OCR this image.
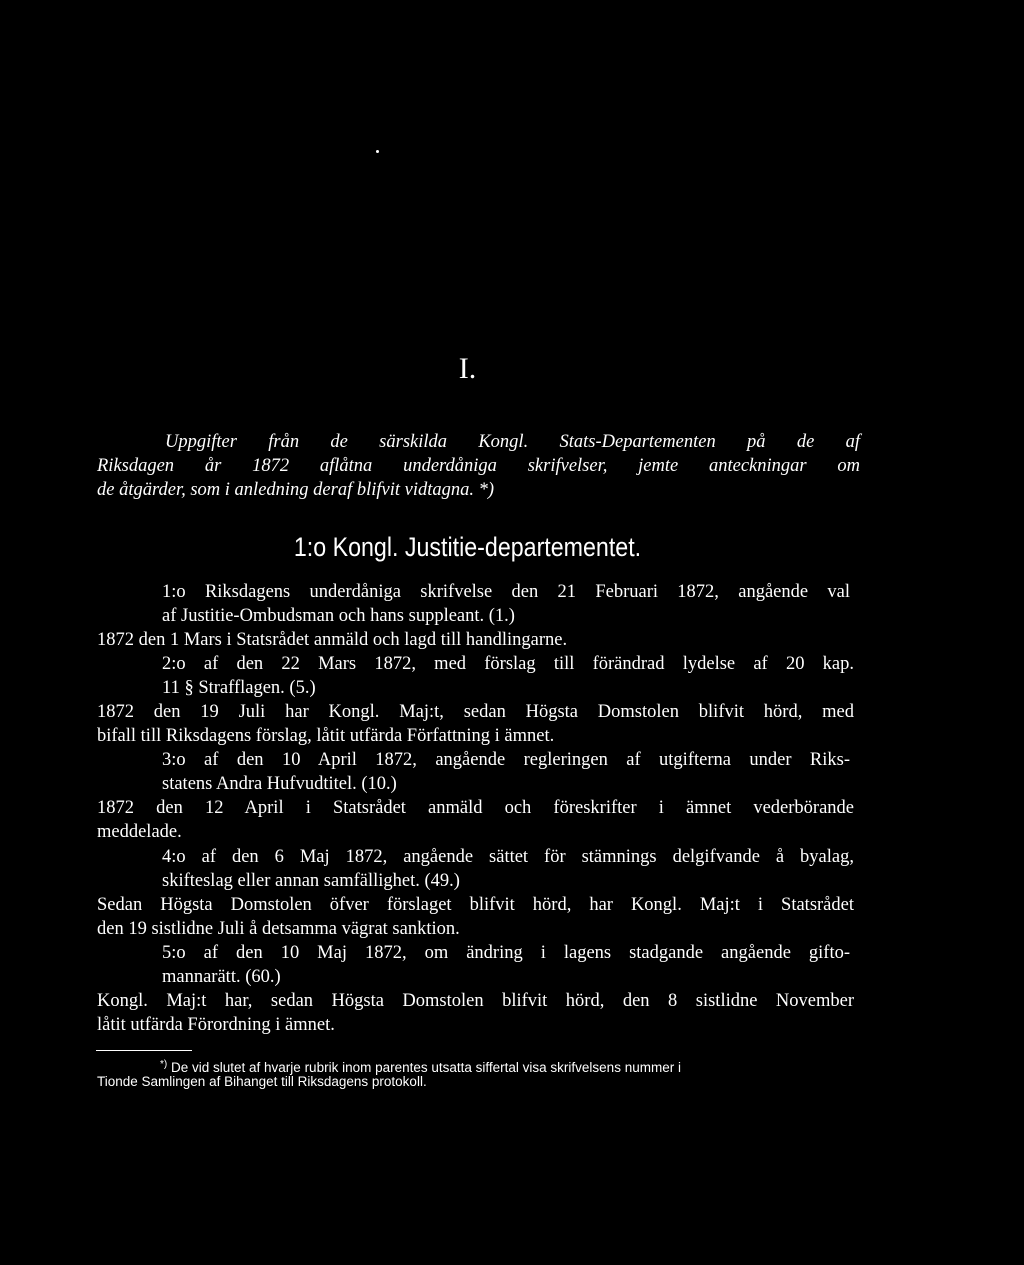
I.
Uppgifter från de särskilda Kongl. Stats-Departementen på de af
Riksdagen år 1872 aflåtna underdåniga skrifvelser, jemte anteckningar om
de åtgärder, som i anledning deraf blifvit vidtagna. *)
1:o Kongl. Justitie-departementet.
1:o Riksdagens underdåniga skrifvelse den 21 Februari 1872, angående val
af Justitie-Ombudsman och hans suppleant. (1.)
1872 den 1 Mars i Statsrådet anmäld och lagd till handlingarne.
2:o af den 22 Mars 1872, med förslag till förändrad lydelse af 20 kap.
11 § Strafflagen. (5.)
1872 den 19 Juli har Kongl. Maj:t, sedan Högsta Domstolen blifvit hörd, med
bifall till Riksdagens förslag, låtit utfärda Författning i ämnet.
3:o af den 10 April 1872, angående regleringen af utgifterna under Riks-
statens Andra Hufvudtitel. (10.)
1872 den 12 April i Statsrådet anmäld och föreskrifter i ämnet vederbörande
meddelade.
4:o af den 6 Maj 1872, angående sättet för stämnings delgifvande å byalag,
skifteslag eller annan samfällighet. (49.)
Sedan Högsta Domstolen öfver förslaget blifvit hörd, har Kongl. Maj:t i Statsrådet
den 19 sistlidne Juli å detsamma vägrat sanktion.
5:o af den 10 Maj 1872, om ändring i lagens stadgande angående gifto-
mannarätt. (60.)
Kongl. Maj:t har, sedan Högsta Domstolen blifvit hörd, den 8 sistlidne November
låtit utfärda Förordning i ämnet.
*) De vid slutet af hvarje rubrik inom parentes utsatta siffertal visa skrifvelsens nummer i
Tionde Samlingen af Bihanget till Riksdagens protokoll.
